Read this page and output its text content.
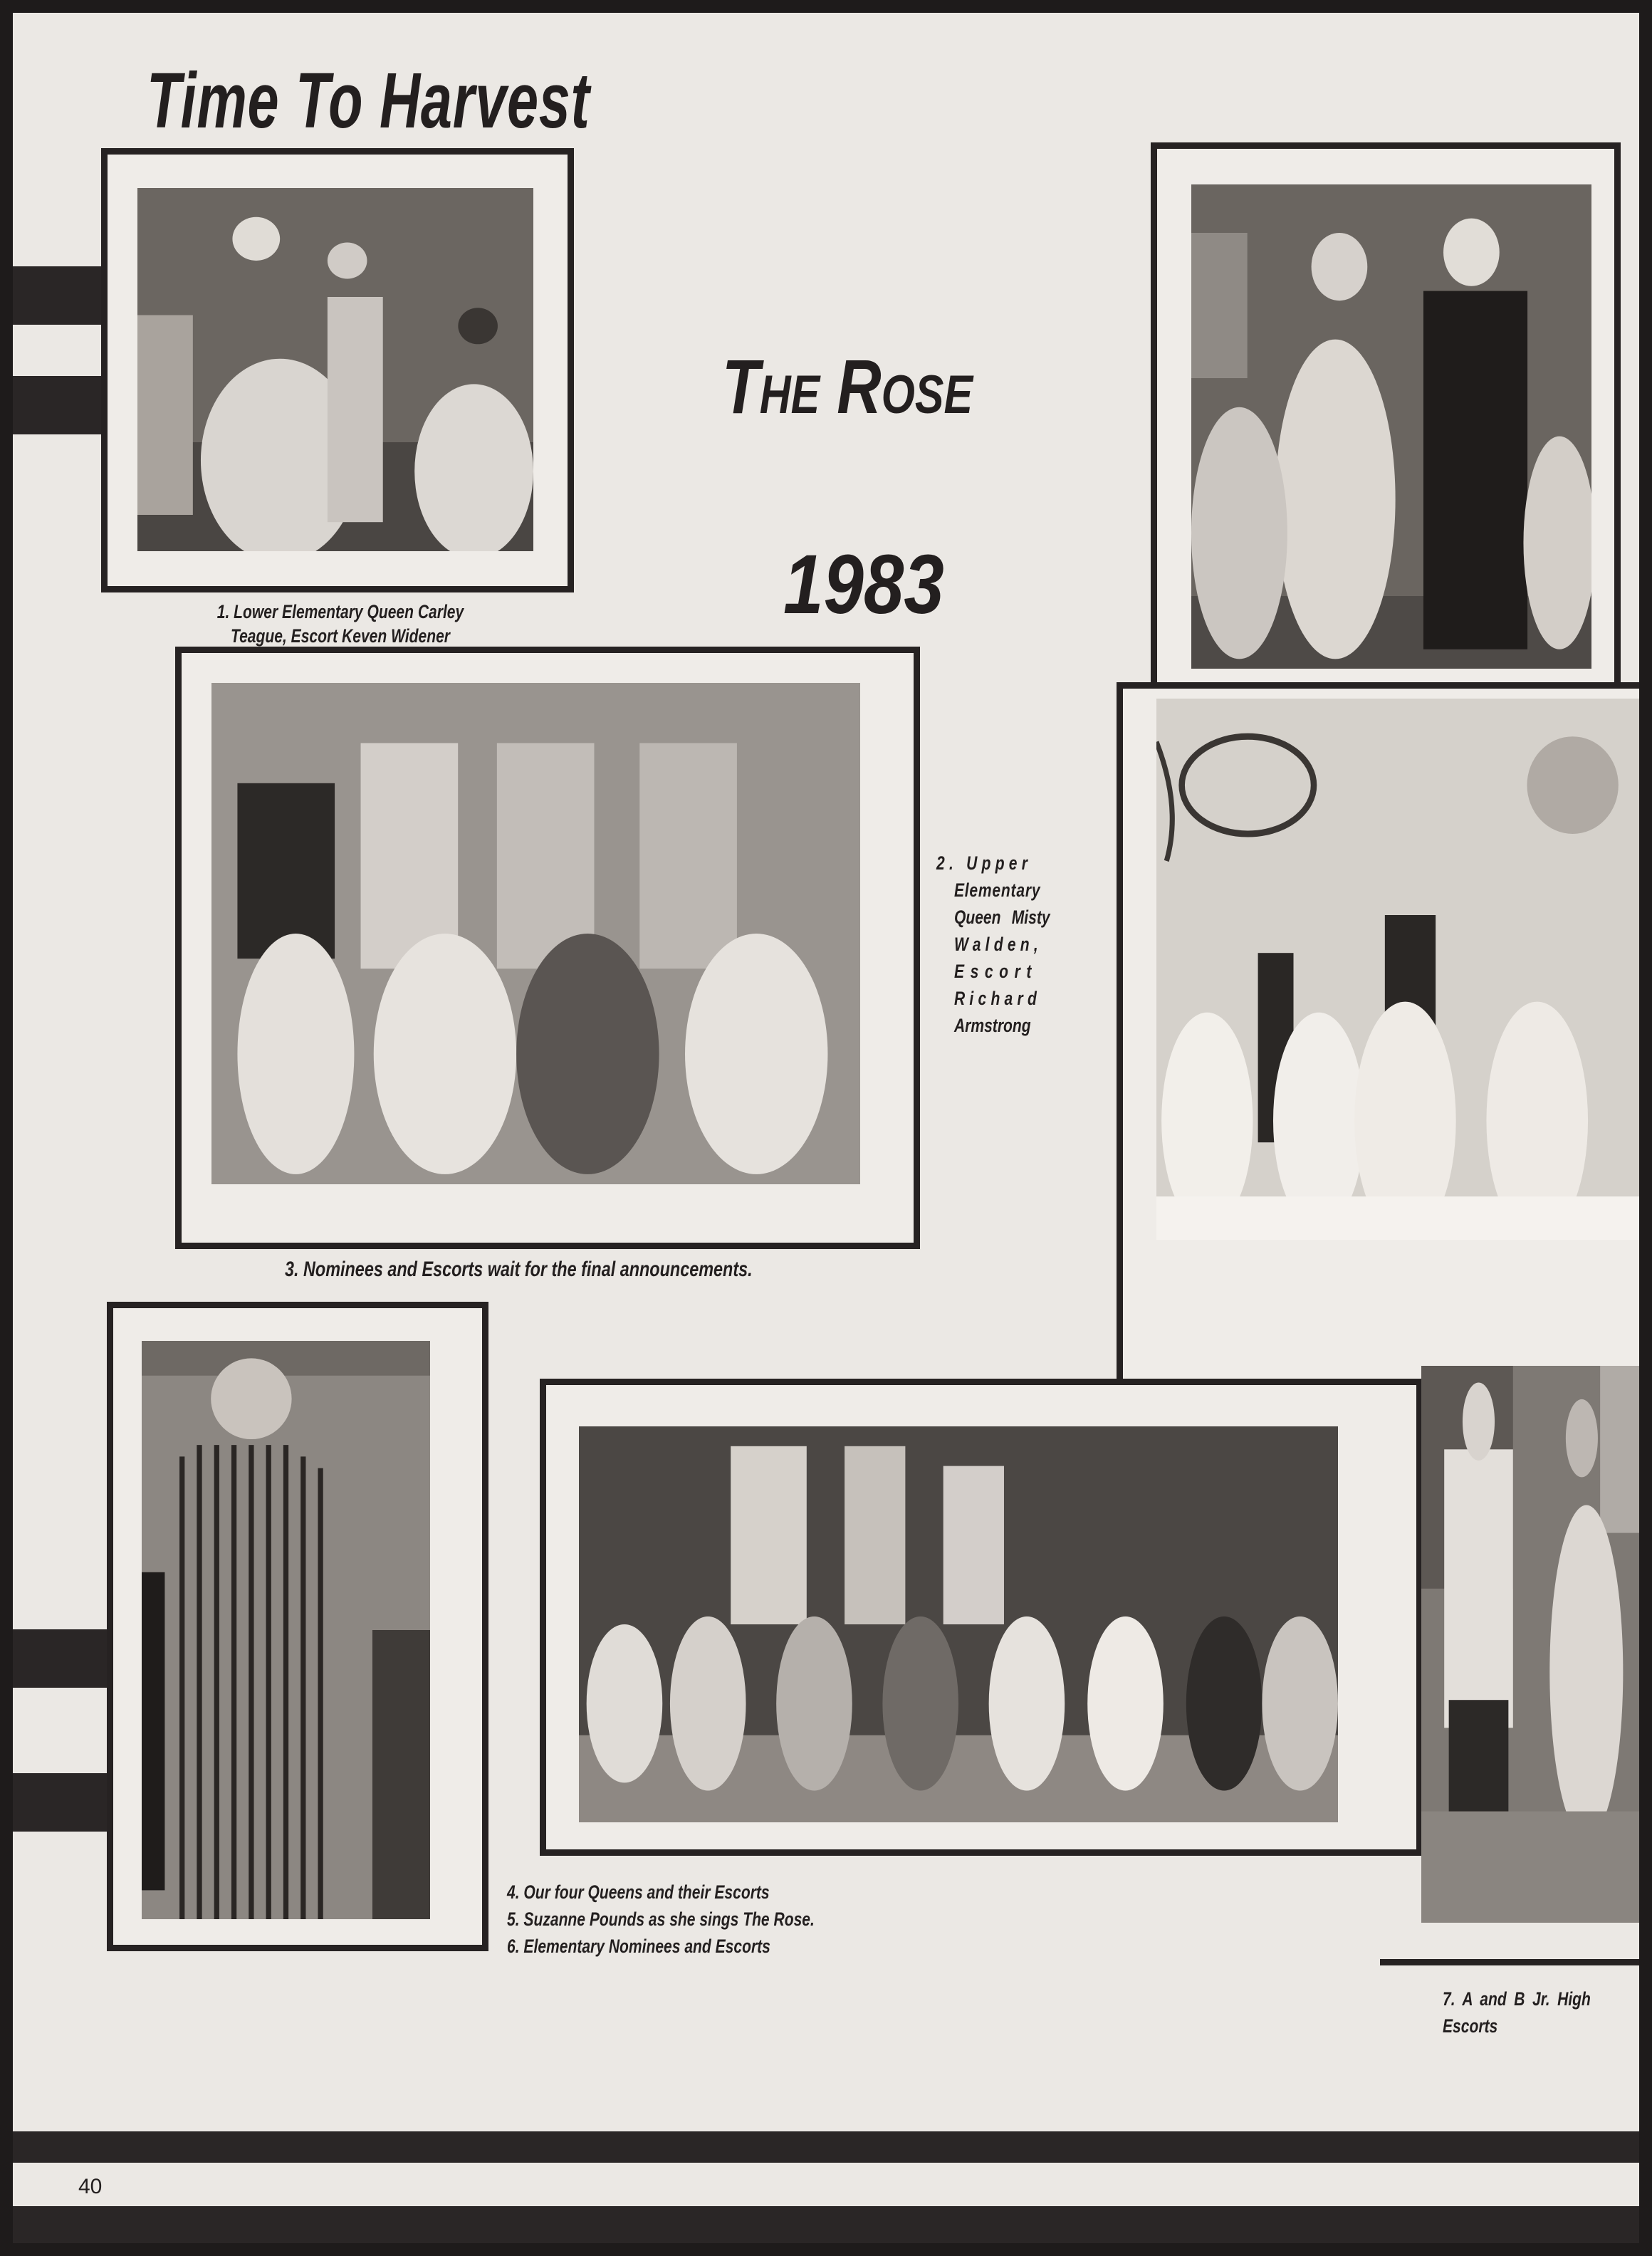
Time To Harvest
The Rose
1983
1. Lower Elementary Queen Carley Teague, Escort Keven Widener
2. Upper
Elementary
Queen Misty
Walden,
Escort
Richard
Armstrong
3. Nominees and Escorts wait for the final announcements.
4. Our four Queens and their Escorts
5. Suzanne Pounds as she sings The Rose.
6. Elementary Nominees and Escorts
7. A and B Jr. High Escorts
40
